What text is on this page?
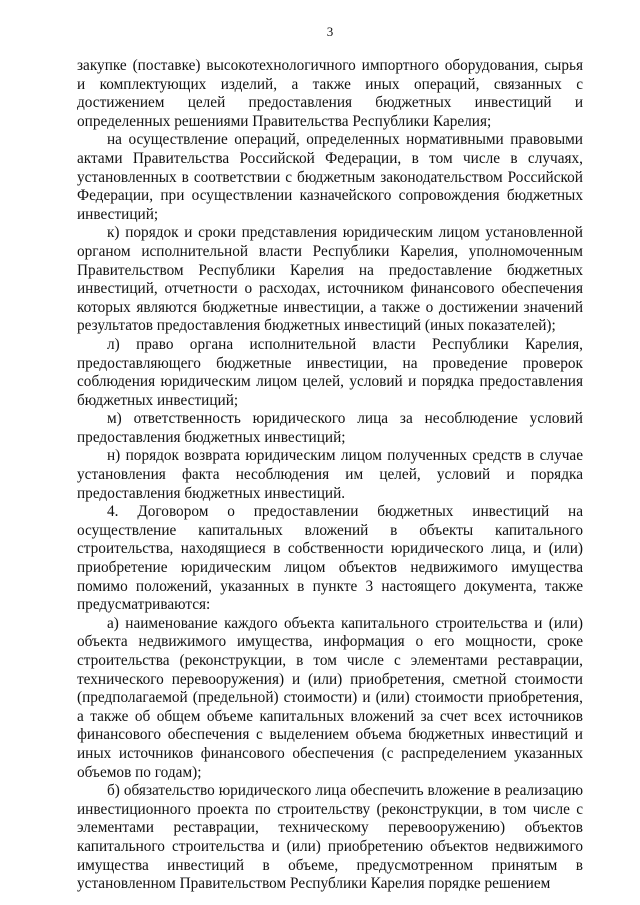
3

закупке (поставке) высокотехнологичного импортного оборудования, сырья и комплектующих изделий, а также иных операций, связанных с достижением целей предоставления бюджетных инвестиций и определенных решениями Правительства Республики Карелия;

на осуществление операций, определенных нормативными правовыми актами Правительства Российской Федерации, в том числе в случаях, установленных в соответствии с бюджетным законодательством Российской Федерации, при осуществлении казначейского сопровождения бюджетных инвестиций;

к) порядок и сроки представления юридическим лицом установленной органом исполнительной власти Республики Карелия, уполномоченным Правительством Республики Карелия на предоставление бюджетных инвестиций, отчетности о расходах, источником финансового обеспечения которых являются бюджетные инвестиции, а также о достижении значений результатов предоставления бюджетных инвестиций (иных показателей);

л) право органа исполнительной власти Республики Карелия, предоставляющего бюджетные инвестиции, на проведение проверок соблюдения юридическим лицом целей, условий и порядка предоставления бюджетных инвестиций;

м) ответственность юридического лица за несоблюдение условий предоставления бюджетных инвестиций;

н) порядок возврата юридическим лицом полученных средств в случае установления факта несоблюдения им целей, условий и порядка предоставления бюджетных инвестиций.

4. Договором о предоставлении бюджетных инвестиций на осуществление капитальных вложений в объекты капитального строительства, находящиеся в собственности юридического лица, и (или) приобретение юридическим лицом объектов недвижимого имущества помимо положений, указанных в пункте 3 настоящего документа, также предусматриваются:

а) наименование каждого объекта капитального строительства и (или) объекта недвижимого имущества, информация о его мощности, сроке строительства (реконструкции, в том числе с элементами реставрации, технического перевооружения) и (или) приобретения, сметной стоимости (предполагаемой (предельной) стоимости) и (или) стоимости приобретения, а также об общем объеме капитальных вложений за счет всех источников финансового обеспечения с выделением объема бюджетных инвестиций и иных источников финансового обеспечения (с распределением указанных объемов по годам);

б) обязательство юридического лица обеспечить вложение в реализацию инвестиционного проекта по строительству (реконструкции, в том числе с элементами реставрации, техническому перевооружению) объектов капитального строительства и (или) приобретению объектов недвижимого имущества инвестиций в объеме, предусмотренном принятым в установленном Правительством Республики Карелия порядке решением
